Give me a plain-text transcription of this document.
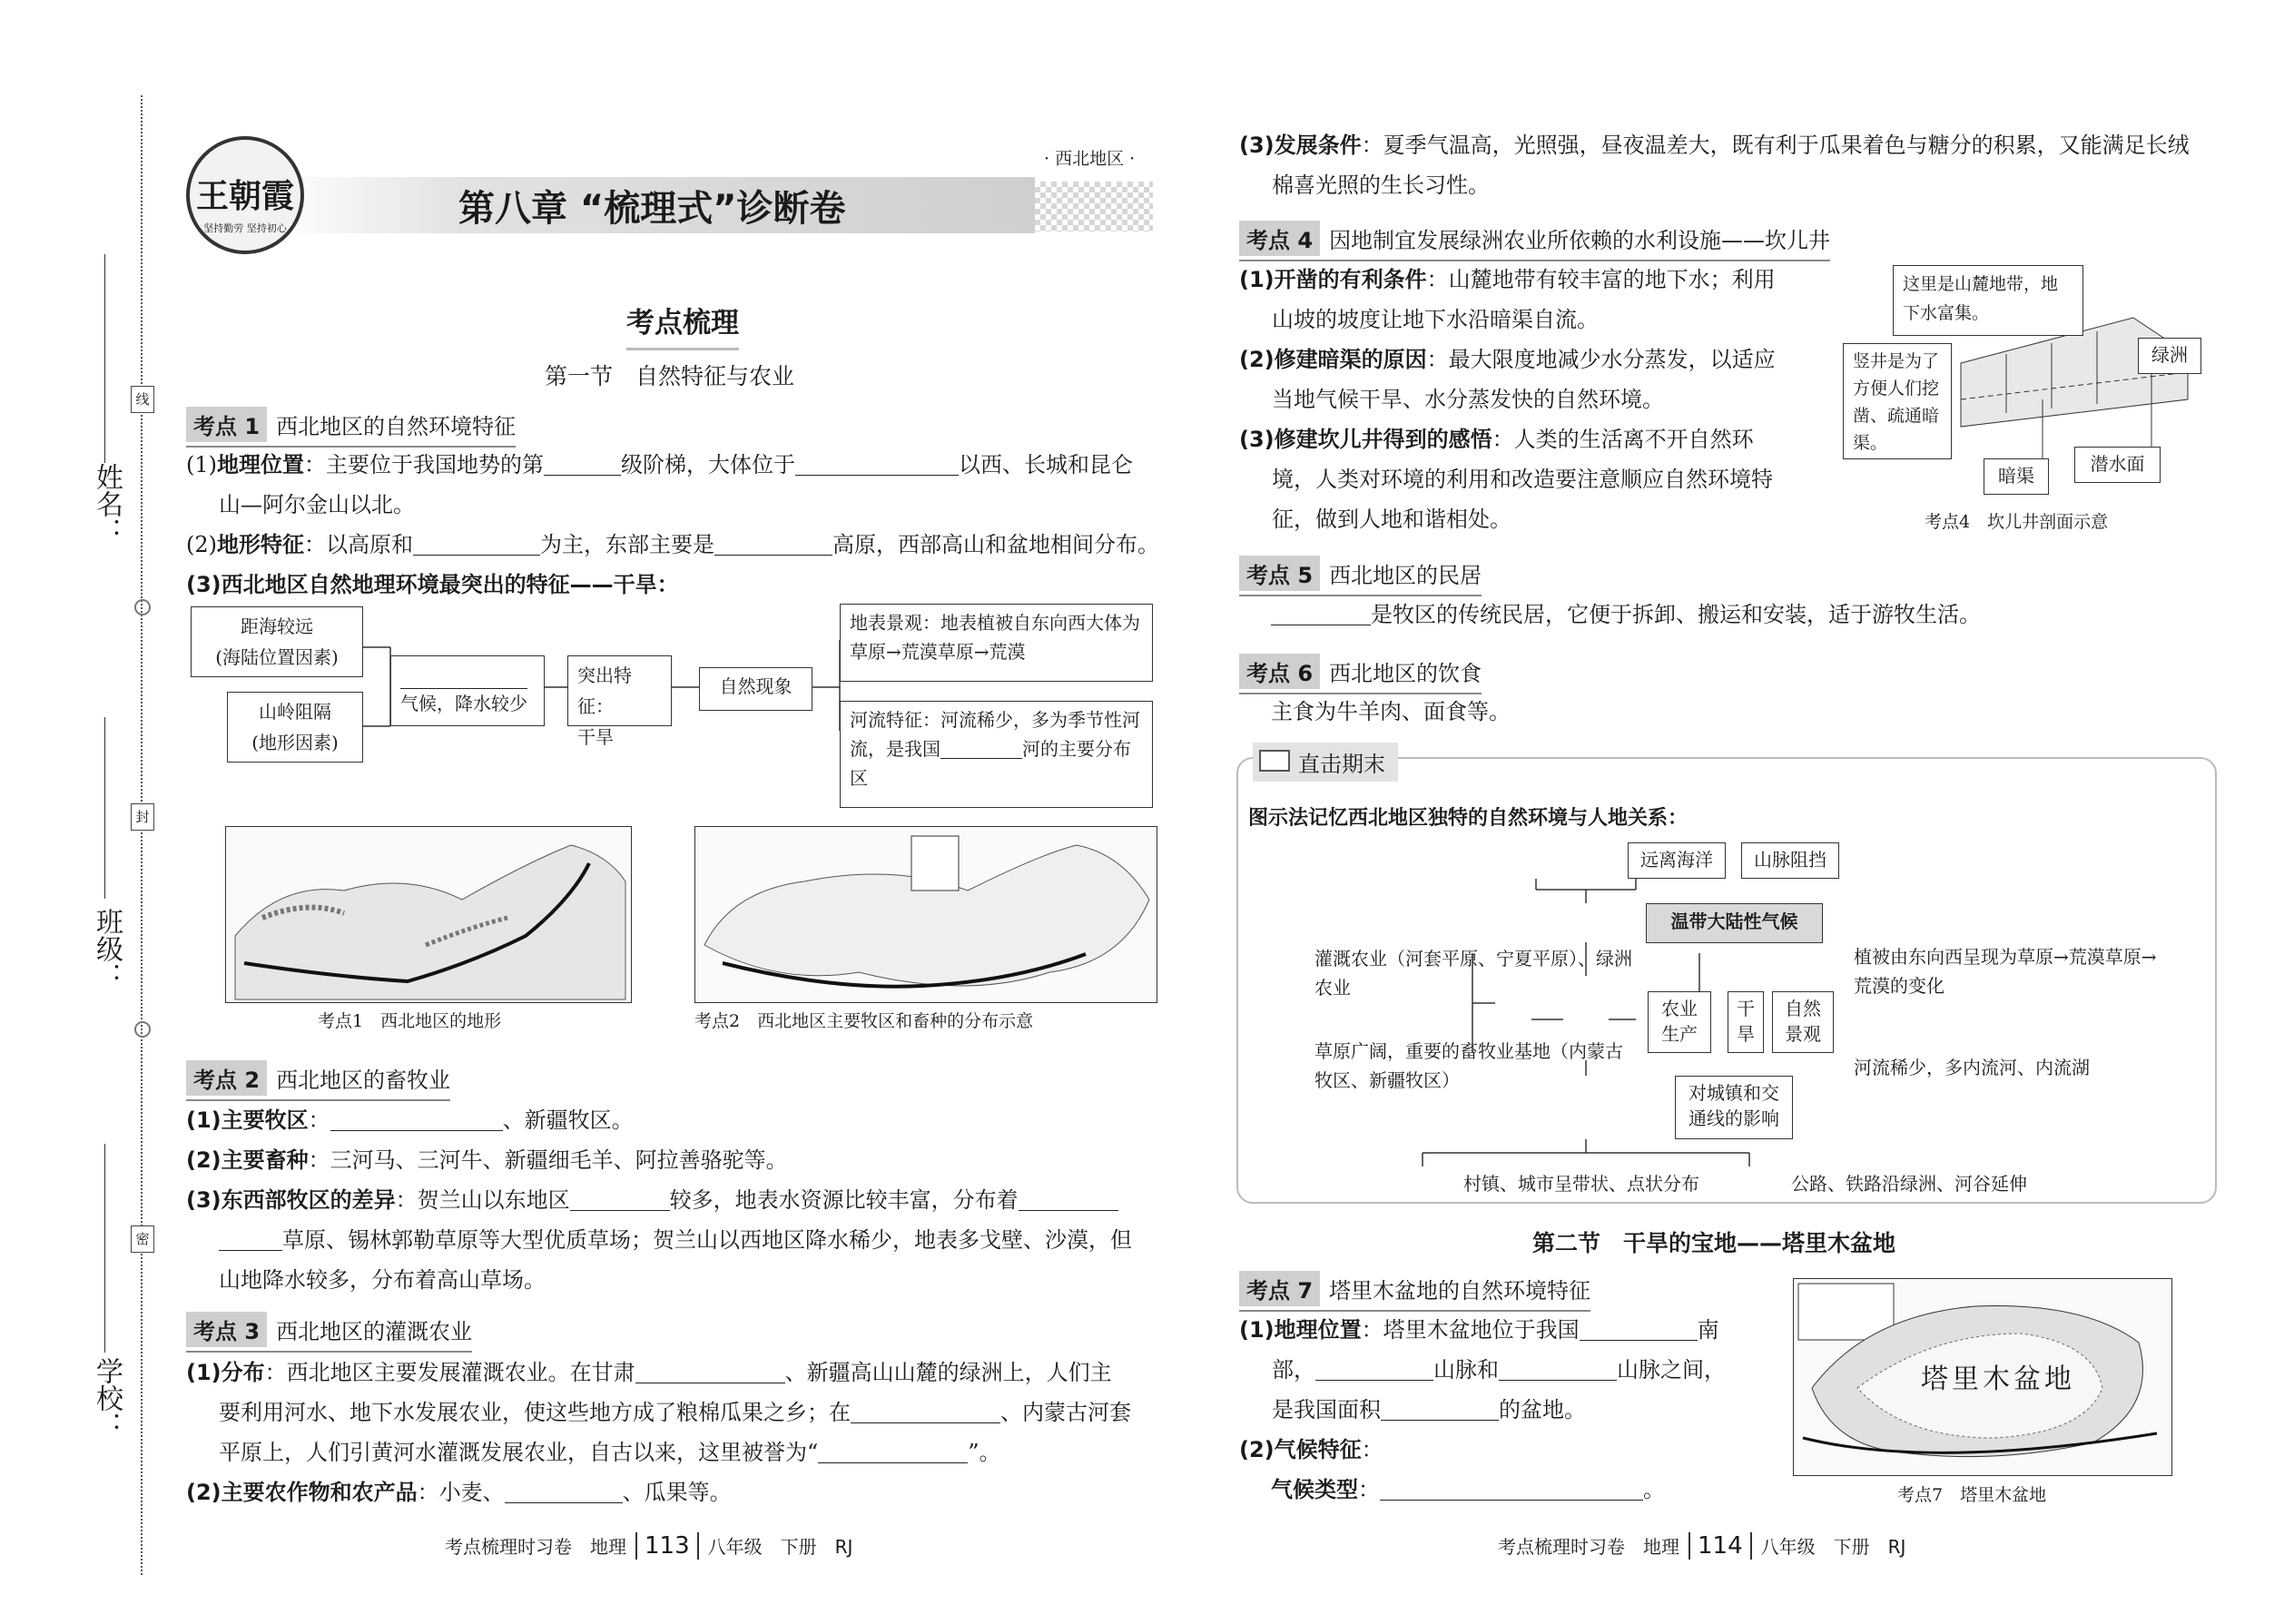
姓名：
班级：
学校：
线
封
密
王朝霞
坚持勤劳 坚持初心
· 西北地区 ·
第八章 “梳理式”诊断卷
考点梳理
第一节　自然特征与农业
考点 1 西北地区的自然环境特征
(1)地理位置：主要位于我国地势的第	级阶梯，大体位于	以西、长城和昆仑
山—阿尔金山以北。
(2)地形特征：以高原和	为主，东部主要是	高原，西部高山和盆地相间分布。
(3)西北地区自然地理环境最突出的特征——干旱：
距海较远
(海陆位置因素)
山岭阻隔
(地形因素)
气候，降水较少
突出特征：
干旱
自然现象
地表景观：地表植被自东向西大体为草原→荒漠草原→荒漠
河流特征：河流稀少，多为季节性河流，是我国	河的主要分布区
考点1　西北地区的地形	考点2　西北地区主要牧区和畜种的分布示意
考点 2 西北地区的畜牧业
(1)主要牧区：	、新疆牧区。
(2)主要畜种：三河马、三河牛、新疆细毛羊、阿拉善骆驼等。
(3)东西部牧区的差异：贺兰山以东地区	较多，地表水资源比较丰富，分布着
草原、锡林郭勒草原等大型优质草场；贺兰山以西地区降水稀少，地表多戈壁、沙漠，但
山地降水较多，分布着高山草场。
考点 3 西北地区的灌溉农业
(1)分布：西北地区主要发展灌溉农业。在甘肃	、新疆高山山麓的绿洲上，人们主
要利用河水、地下水发展农业，使这些地方成了粮棉瓜果之乡；在	、内蒙古河套
平原上，人们引黄河水灌溉发展农业，自古以来，这里被誉为“	”。
(2)主要农作物和农产品：小麦、	、瓜果等。
考点梳理时习卷　地理 113 八年级　下册　RJ
(3)发展条件：夏季气温高，光照强，昼夜温差大，既有利于瓜果着色与糖分的积累，又能满足长绒
棉喜光照的生长习性。
考点 4 因地制宜发展绿洲农业所依赖的水利设施——坎儿井
(1)开凿的有利条件：山麓地带有较丰富的地下水；利用
山坡的坡度让地下水沿暗渠自流。
(2)修建暗渠的原因：最大限度地减少水分蒸发，以适应
当地气候干旱、水分蒸发快的自然环境。
(3)修建坎儿井得到的感悟：人类的生活离不开自然环
境，人类对环境的利用和改造要注意顺应自然环境特
征，做到人地和谐相处。
这里是山麓地带，地下水富集。
竖井是为了方便人们挖凿、疏通暗渠。
绿洲
暗渠
潜水面
考点4　坎儿井剖面示意
考点 5 西北地区的民居
是牧区的传统民居，它便于拆卸、搬运和安装，适于游牧生活。
考点 6 西北地区的饮食
主食为牛羊肉、面食等。
直击期末
图示法记忆西北地区独特的自然环境与人地关系：
远离海洋	山脉阻挡
温带大陆性气候
农业生产
干旱
自然景观
对城镇和交通线的影响
灌溉农业（河套平原、宁夏平原）、绿洲农业
草原广阔，重要的畜牧业基地（内蒙古牧区、新疆牧区）
植被由东向西呈现为草原→荒漠草原→荒漠的变化
河流稀少，多内流河、内流湖
村镇、城市呈带状、点状分布	公路、铁路沿绿洲、河谷延伸
第二节　干旱的宝地——塔里木盆地
考点 7 塔里木盆地的自然环境特征
(1)地理位置：塔里木盆地位于我国	南
部，	山脉和	山脉之间，
是我国面积	的盆地。
(2)气候特征：
气候类型：	。
塔里木盆地
考点7　塔里木盆地
考点梳理时习卷　地理 114 八年级　下册　RJ
